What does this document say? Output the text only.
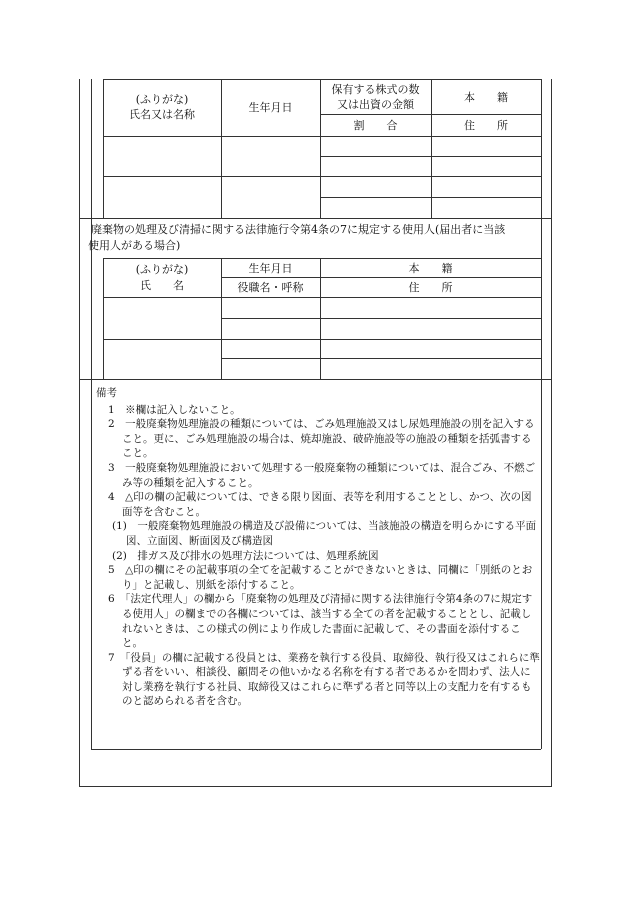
(ふりがな)
氏名又は名称
生年月日
保有する株式の数
又は出資の金額
本　　籍
割　　合	住　　所
廃棄物の処理及び清掃に関する法律施行令第4条の7に規定する使用人(届出者に当該
使用人がある場合)
(ふりがな)
氏　　名
生年月日
役職名・呼称
本　　籍
住　　所
備考

1　※欄は記入しないこと。

2　一般廃棄物処理施設の種類については、ごみ処理施設又はし尿処理施設の別を記入すること。更に、ごみ処理施設の場合は、焼却施設、破砕施設等の施設の種類を括弧書すること。

3　一般廃棄物処理施設において処理する一般廃棄物の種類については、混合ごみ、不燃ごみ等の種類を記入すること。

4　△印の欄の記載については、できる限り図面、表等を利用することとし、かつ、次の図面等を含むこと。

(1)　一般廃棄物処理施設の構造及び設備については、当該施設の構造を明らかにする平面図、立面図、断面図及び構造図

(2)　排ガス及び排水の処理方法については、処理系統図

5　△印の欄にその記載事項の全てを記載することができないときは、同欄に「別紙のとおり」と記載し、別紙を添付すること。

6　「法定代理人」の欄から「廃棄物の処理及び清掃に関する法律施行令第4条の7に規定する使用人」の欄までの各欄については、該当する全ての者を記載することとし、記載しれないときは、この様式の例により作成した書面に記載して、その書面を添付すること。

7　「役員」の欄に記載する役員とは、業務を執行する役員、取締役、執行役又はこれらに準ずる者をいい、相談役、顧問その他いかなる名称を有する者であるかを問わず、法人に対し業務を執行する社員、取締役又はこれらに準ずる者と同等以上の支配力を有するものと認められる者を含む。
